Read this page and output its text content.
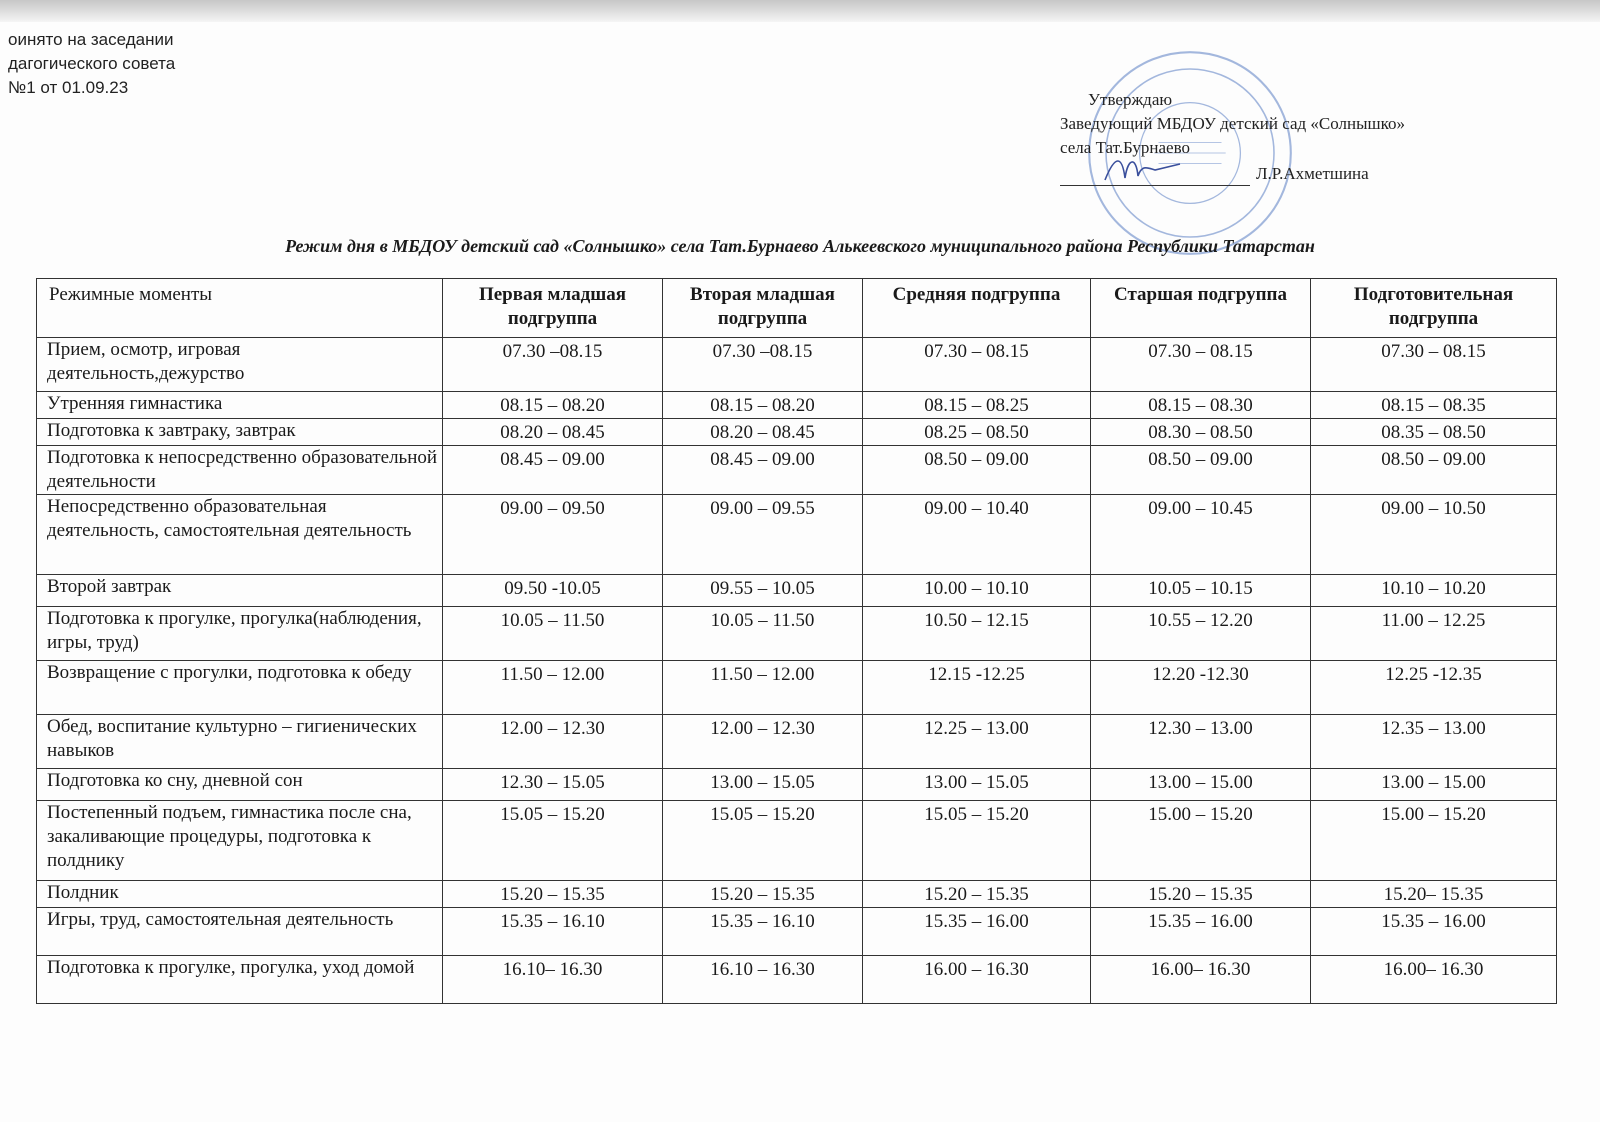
оинято на заседании
дагогического совета
№1 от 01.09.23
Утверждаю
Заведующий МБДОУ детский сад «Солнышко»
села Тат.Бурнаево
Л.Р.Ахметшина
Режим дня в МБДОУ детский сад «Солнышко» села Тат.Бурнаево Алькеевского муниципального района Республики Татарстан
Режимные моменты	Первая младшая подгруппа	Вторая младшая подгруппа	Средняя подгруппа	Старшая подгруппа	Подготовительная подгруппа
Прием, осмотр, игровая деятельность,дежурство	07.30 –08.15	07.30 –08.15	07.30 – 08.15	07.30 – 08.15	07.30 – 08.15
Утренняя гимнастика	08.15 – 08.20	08.15 – 08.20	08.15 – 08.25	08.15 – 08.30	08.15 – 08.35
Подготовка к завтраку, завтрак	08.20 – 08.45	08.20 – 08.45	08.25 – 08.50	08.30 – 08.50	08.35 – 08.50
Подготовка к непосредственно образовательной деятельности	08.45 – 09.00	08.45 – 09.00	08.50 – 09.00	08.50 – 09.00	08.50 – 09.00
Непосредственно образовательная деятельность, самостоятельная деятельность	09.00 – 09.50	09.00 – 09.55	09.00 – 10.40	09.00 – 10.45	09.00 – 10.50
Второй завтрак	09.50 -10.05	09.55 – 10.05	10.00 – 10.10	10.05 – 10.15	10.10 – 10.20
Подготовка к прогулке, прогулка(наблюдения, игры, труд)	10.05 – 11.50	10.05 – 11.50	10.50 – 12.15	10.55 – 12.20	11.00 – 12.25
Возвращение с прогулки, подготовка к обеду	11.50 – 12.00	11.50 – 12.00	12.15 -12.25	12.20 -12.30	12.25 -12.35
Обед, воспитание культурно – гигиенических навыков	12.00 – 12.30	12.00 – 12.30	12.25 – 13.00	12.30 – 13.00	12.35 – 13.00
Подготовка ко сну, дневной сон	12.30 – 15.05	13.00 – 15.05	13.00 – 15.05	13.00 – 15.00	13.00 – 15.00
Постепенный подъем, гимнастика после сна, закаливающие процедуры, подготовка к полднику	15.05 – 15.20	15.05 – 15.20	15.05 – 15.20	15.00 – 15.20	15.00 – 15.20
Полдник	15.20 – 15.35	15.20 – 15.35	15.20 – 15.35	15.20 – 15.35	15.20– 15.35
Игры, труд, самостоятельная деятельность	15.35 – 16.10	15.35 – 16.10	15.35 – 16.00	15.35 – 16.00	15.35 – 16.00
Подготовка к прогулке, прогулка, уход домой	16.10– 16.30	16.10 – 16.30	16.00 – 16.30	16.00– 16.30	16.00– 16.30
